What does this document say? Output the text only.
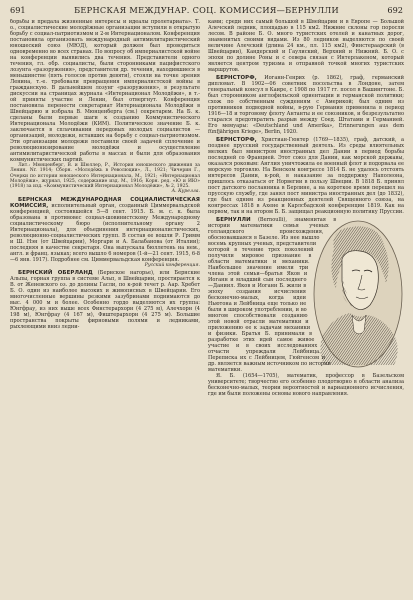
691	БЕРНСКАЯ МЕЖДУНАР. СОЦ. КОМИССИЯ—БЕРНУЛЛИ	692

борьбы и предала жизненные интересы и идеалы пролетариата». Т. о., социалистические молодёжные организации вступили в открытую борьбу с социал-патриотизмом и 2-м Интернационалом. Конференция постановила организовать международный антимилитаристический юношеский союз (МЮД), который должен был проводиться одновременно во всех странах. По вопросу об империалистской войне на конференции выявились два течения. Представители одного течения, гл. обр. социалисты, были сторонниками пацифистского лозунга «разоружения», представители др. течения, находившиеся в меньшинстве (пять голосов против девяти), стояли на точке зрения Ленина, т.-е. требовали превращения империалистской войны в гражданскую. В дальнейшем лозунг «разоружения», в результате дискуссии на страницах журнала «Интернационал Молодёжи», в т.-ой приняты участие и Ленин, был отвергнут. Конференция постановила перенести секретариат Интернационала Молодёжи в Швейцарию и избрала В. Мюнценберга (см.) секретарем. На Б. к. сделаны были первые шаги к созданию Коммунистического Интернационала Молодёжи (КИМ). Политическое значение Б. к. заключается в сплачивании передовых молодых социалистов — организаций, молодежи, вставших на борьбу с социал-патриотизмом. Эти организации молодежи поставили своей задачей сплочение и революционизирование молодёжи и осуществление антимилитаристической работы в массах и были для образования коммунистических партий.

Лит.: Мюнценберг, В. и Шюллер, Р., История юношеского движения за Ленин. Nr. 1914; Сборн. «Молодёжь в Революции», Л., 1921; Чичерин Г., Очерки по истории юношеского Интернационала, М., 1921; «Интернационал Молодёжи», журнал, 1925, содержание изд. М., 1916; Корн. ред. «Ю и ИЮ» (1918) за изд. «Коммунистический Интернационал Молодёжи», № 2, 1925.

А. Курелла.

БЕРНСКАЯ МЕЖДУНАРОДНАЯ СОЦИАЛИСТИЧЕСКАЯ КОМИССИЯ, исполнительный орган, созданный Циммервальдской конференцией, состоявшейся 5—8 сент. 1915. Б. м. с. к. была образована в противовес социал-шовинистскому Международному социалистическому бюро (исполнительному органу 2 Интернационала), для объединения интернационалистических, революционно-социалистических групп. В состав ее вошли Р. Гримм и Ш. Нэн (от Швейцарии), Моргари и А. Балабанова (от Италии); последняя в качестве секретаря. Она выпускала бюллетень на нем., англ. и франц. языках; всего вышло 6 номеров (1-й—21 сент. 1915, 6-8—6 янв. 1917). Подробнее см. Циммервальдская конференция.

Русский конференция.

БЕРНСКИЙ ОБЕРЛАНД (Бернское нагорье), или Бернские Альпы, горная группа в системе Альп, в Швейцарии, простирается к В. от Женевского оз. до долины Гасли, по к-рой течет р. Аар. Хребет Б. О. один из наиболее высоких и живописных в Швейцарии. Его многочисленные вершины резкими зазубринами поднимаются до выс. 4 000 м и более. Особенно гордо выделяются их группа: Юнгфрау, из них выше всех Финстерархорн (4 275 м), Алечхорн (4 198 м), Юнгфрау (4 167 м), Фиштерархорн (4 275 м). Большие пространства покрыты фирновыми полями и ледниками, рыхлеющими вниз ледни-

ками; среди них самый большой в Швейцарии и в Европе — Большой Алечский ледник, площадью в 115 км2. Нижние склоны гор поросли лесом. В районе Б. О. много туристских отелей и канатных дорог, знаменитых своими видами. Из 80 ледников выделяются по своей величине Алечский (длина 24 км., пл. 115 км2), Финстераарский (в Швейцарии), Кандерский и Гаулиский, Верхний и Нижний. Б. О. с эпохи по долине Роны и с севера связан с Интерлакеном, который является центром туризма и отправной точкой многих туристских маршрутов.

БЕРНСТОРФ, Иоганн-Генрих (р. 1862), граф, германский дипломат. В 1902—06 советник посольства в Лондоне, затем генеральный консул в Каире, с 1908 по 1917 гг. посол в Вашингтоне. Б. был сторонником англофильской ориентации и германской политики; схож по собственным суждениям с Америкой; был одним из противников подводной войны, в-рую Германия применила в период 1916—18 и торговому флоту Антанты и ее союзников, и безрезультатно старался предотвратить разрыв между Соед. Штатами и Германией. Его мемуары: «Deutschland und Amerika», Erinnerungen aus dem fünfjährigen Kriege», Berlin, 1920.

БЕРНСТОРФ, Христиан-Гюнтер (1769—1835), граф, датский, а позднее прусский государственный деятель. Из среды влиятельных мелких был министром иностранных дел Дании в период борьбы последней со Францией. Этот союз для Дании, как морской державы, оказался роковым: Англия уничтожила ее военный флот и подорвала ее морскую торговлю. На Венском конгрессе 1814 Б. не удалось отстоять интересов Дании, к-рой, в наказание за поддержку Наполеона, пришлось отказаться от Норвегии в пользу Швеции. В 1818 Б. принял пост датского посланника в Берлине, а на короткое время перешел на прусскую службу, где занял пост министра иностранных дел (до 1832), где был одним из реакционных деятелей Священного союза, на конгрессах 1818 в Ахене и Карлсбадской конференции 1819. Как на первом, так и на втором Б. Б. защищал реакционную политику Пруссии.

БЕРНУЛЛИ (Bernoulli), знаменитая в истории математики семья ученых голландского происхождения, обосновавшаяся в Базеле. Из нее вышло восемь крупных ученых, представители которой в течение трех поколений получили мировое признание в области математики и механики. Наибольшее значение имели три члена этой семьи—братья Яков и Иоганн и младший сын последнего—Даниил. Яков и Иоганн Б. жили в эпоху создания исчисления бесконечно-малых, когда идеи Ньютона и Лейбница еще только не были в широком употреблении, и во многом способствовали созданию этой новой отрасли математики и приложению ее к задачам механики и физики. Братья Б. принимали в разработке этих идей самое живое участие и в своих исследованиях отчасти упреждали Лейбница. Переписка их с Лейбницем, Гюйгенсом и др. является важным источником по истории математики.

Я. Б. (1654—1705), математик, профессор в Базельском университете; творчество его особенно плодотворно в области анализа бесконечно-малых, теории вероятностей и вариационного исчисления, где им были положены основы нового направления.
